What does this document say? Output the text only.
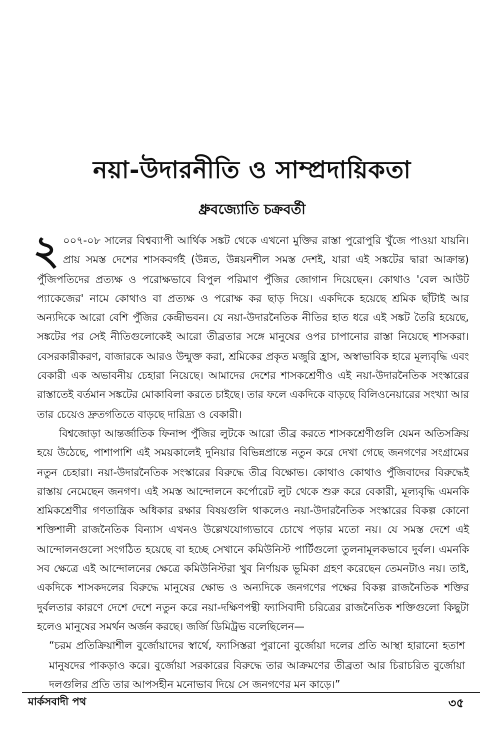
নয়া-উদারনীতি ও সাম্প্রদায়িকতা
ধ্রুবজ্যোতি চক্রবর্তী

২ ০০৭-০৮ সালের বিশ্বব্যাপী আর্থিক সঙ্কট থেকে এখনো মুক্তির রাস্তা পুরোপুরি খুঁজে পাওয়া যায়নি। প্রায় সমস্ত দেশের শাসকবর্গই (উন্নত, উন্নয়নশীল সমস্ত দেশই, যারা এই সঙ্কটের দ্বারা আক্রান্ত) পুঁজিপতিদের প্রত্যক্ষ ও পরোক্ষভাবে বিপুল পরিমাণ পুঁজির জোগান দিয়েছেন। কোথাও 'বেল আউট প্যাকেজের' নামে কোথাও বা প্রত্যক্ষ ও পরোক্ষ কর ছাড় দিয়ে। একদিকে হয়েছে শ্রমিক ছাঁটাই আর অন্যদিকে আরো বেশি পুঁজির কেন্দ্রীভবন। যে নয়া-উদারনৈতিক নীতির হাত ধরে এই সঙ্কট তৈরি হয়েছে, সঙ্কটের পর সেই নীতিগুলোকেই আরো তীব্রতার সঙ্গে মানুষের ওপর চাপানোর রাস্তা নিয়েছে শাসকরা। বেসরকারীকরণ, বাজারকে আরও উন্মুক্ত করা, শ্রমিকের প্রকৃত মজুরি হ্রাস, অস্বাভাবিক হারে মূল্যবৃদ্ধি এবং বেকারী এক অভাবনীয় চেহারা নিয়েছে। আমাদের দেশের শাসকশ্রেণীও এই নয়া-উদারনৈতিক সংস্কারের রাস্তাতেই বর্তমান সঙ্কটের মোকাবিলা করতে চাইছে। তার ফলে একদিকে বাড়ছে বিলিওনেয়ারের সংখ্যা আর তার চেয়েও দ্রুতগতিতে বাড়ছে দারিদ্র্য ও বেকারী।

বিশ্বজোড়া আন্তর্জাতিক ফিনান্স পুঁজির লুটকে আরো তীব্র করতে শাসকশ্রেণীগুলি যেমন অতিসক্রিয় হয়ে উঠেছে, পাশাপাশি এই সময়কালেই দুনিয়ার বিভিন্নপ্রান্তে নতুন করে দেখা গেছে জনগণের সংগ্রামের নতুন চেহারা। নয়া-উদারনৈতিক সংস্কারের বিরুদ্ধে তীব্র বিক্ষোভ। কোথাও কোথাও পুঁজিবাদের বিরুদ্ধেই রাস্তায় নেমেছেন জনগণ। এই সমস্ত আন্দোলনে কর্পোরেট লুট থেকে শুরু করে বেকারী, মূল্যবৃদ্ধি এমনকি শ্রমিকশ্রেণীর গণতান্ত্রিক অধিকার রক্ষার বিষয়গুলি থাকলেও নয়া-উদারনৈতিক সংস্কারের বিকল্প কোনো শক্তিশালী রাজনৈতিক বিন্যাস এখনও উল্লেখযোগ্যভাবে চোখে পড়ার মতো নয়। যে সমস্ত দেশে এই আন্দোলনগুলো সংগঠিত হয়েছে বা হচ্ছে সেখানে কমিউনিস্ট পার্টিগুলো তুলনামূলকভাবে দুর্বল। এমনকি সব ক্ষেত্রে এই আন্দোলনের ক্ষেত্রে কমিউনিস্টরা খুব নির্ণায়ক ভূমিকা গ্রহণ করেছেন তেমনটাও নয়। তাই, একদিকে শাসকদলের বিরুদ্ধে মানুষের ক্ষোভ ও অন্যদিকে জনগণের পক্ষের বিকল্প রাজনৈতিক শক্তির দুর্বলতার কারণে দেশে দেশে নতুন করে নয়া-দক্ষিণপন্থী ফ্যাসিবাদী চরিত্রের রাজনৈতিক শক্তিগুলো কিছুটা হলেও মানুষের সমর্থন অর্জন করছে। জর্জি ডিমিট্রভ বলেছিলেন—

“চরম প্রতিক্রিয়াশীল বুর্জোয়াদের স্বার্থে, ফ্যাসিস্তরা পুরানো বুর্জোয়া দলের প্রতি আস্থা হারানো হতাশ মানুষদের পাকড়াও করে। বুর্জোয়া সরকারের বিরুদ্ধে তার আক্রমণের তীব্রতা আর চিরাচরিত বুর্জোয়া দলগুলির প্রতি তার আপসহীন মনোভাব দিয়ে সে জনগণের মন কাড়ে।”

মার্কসবাদী পথ	৩৫
